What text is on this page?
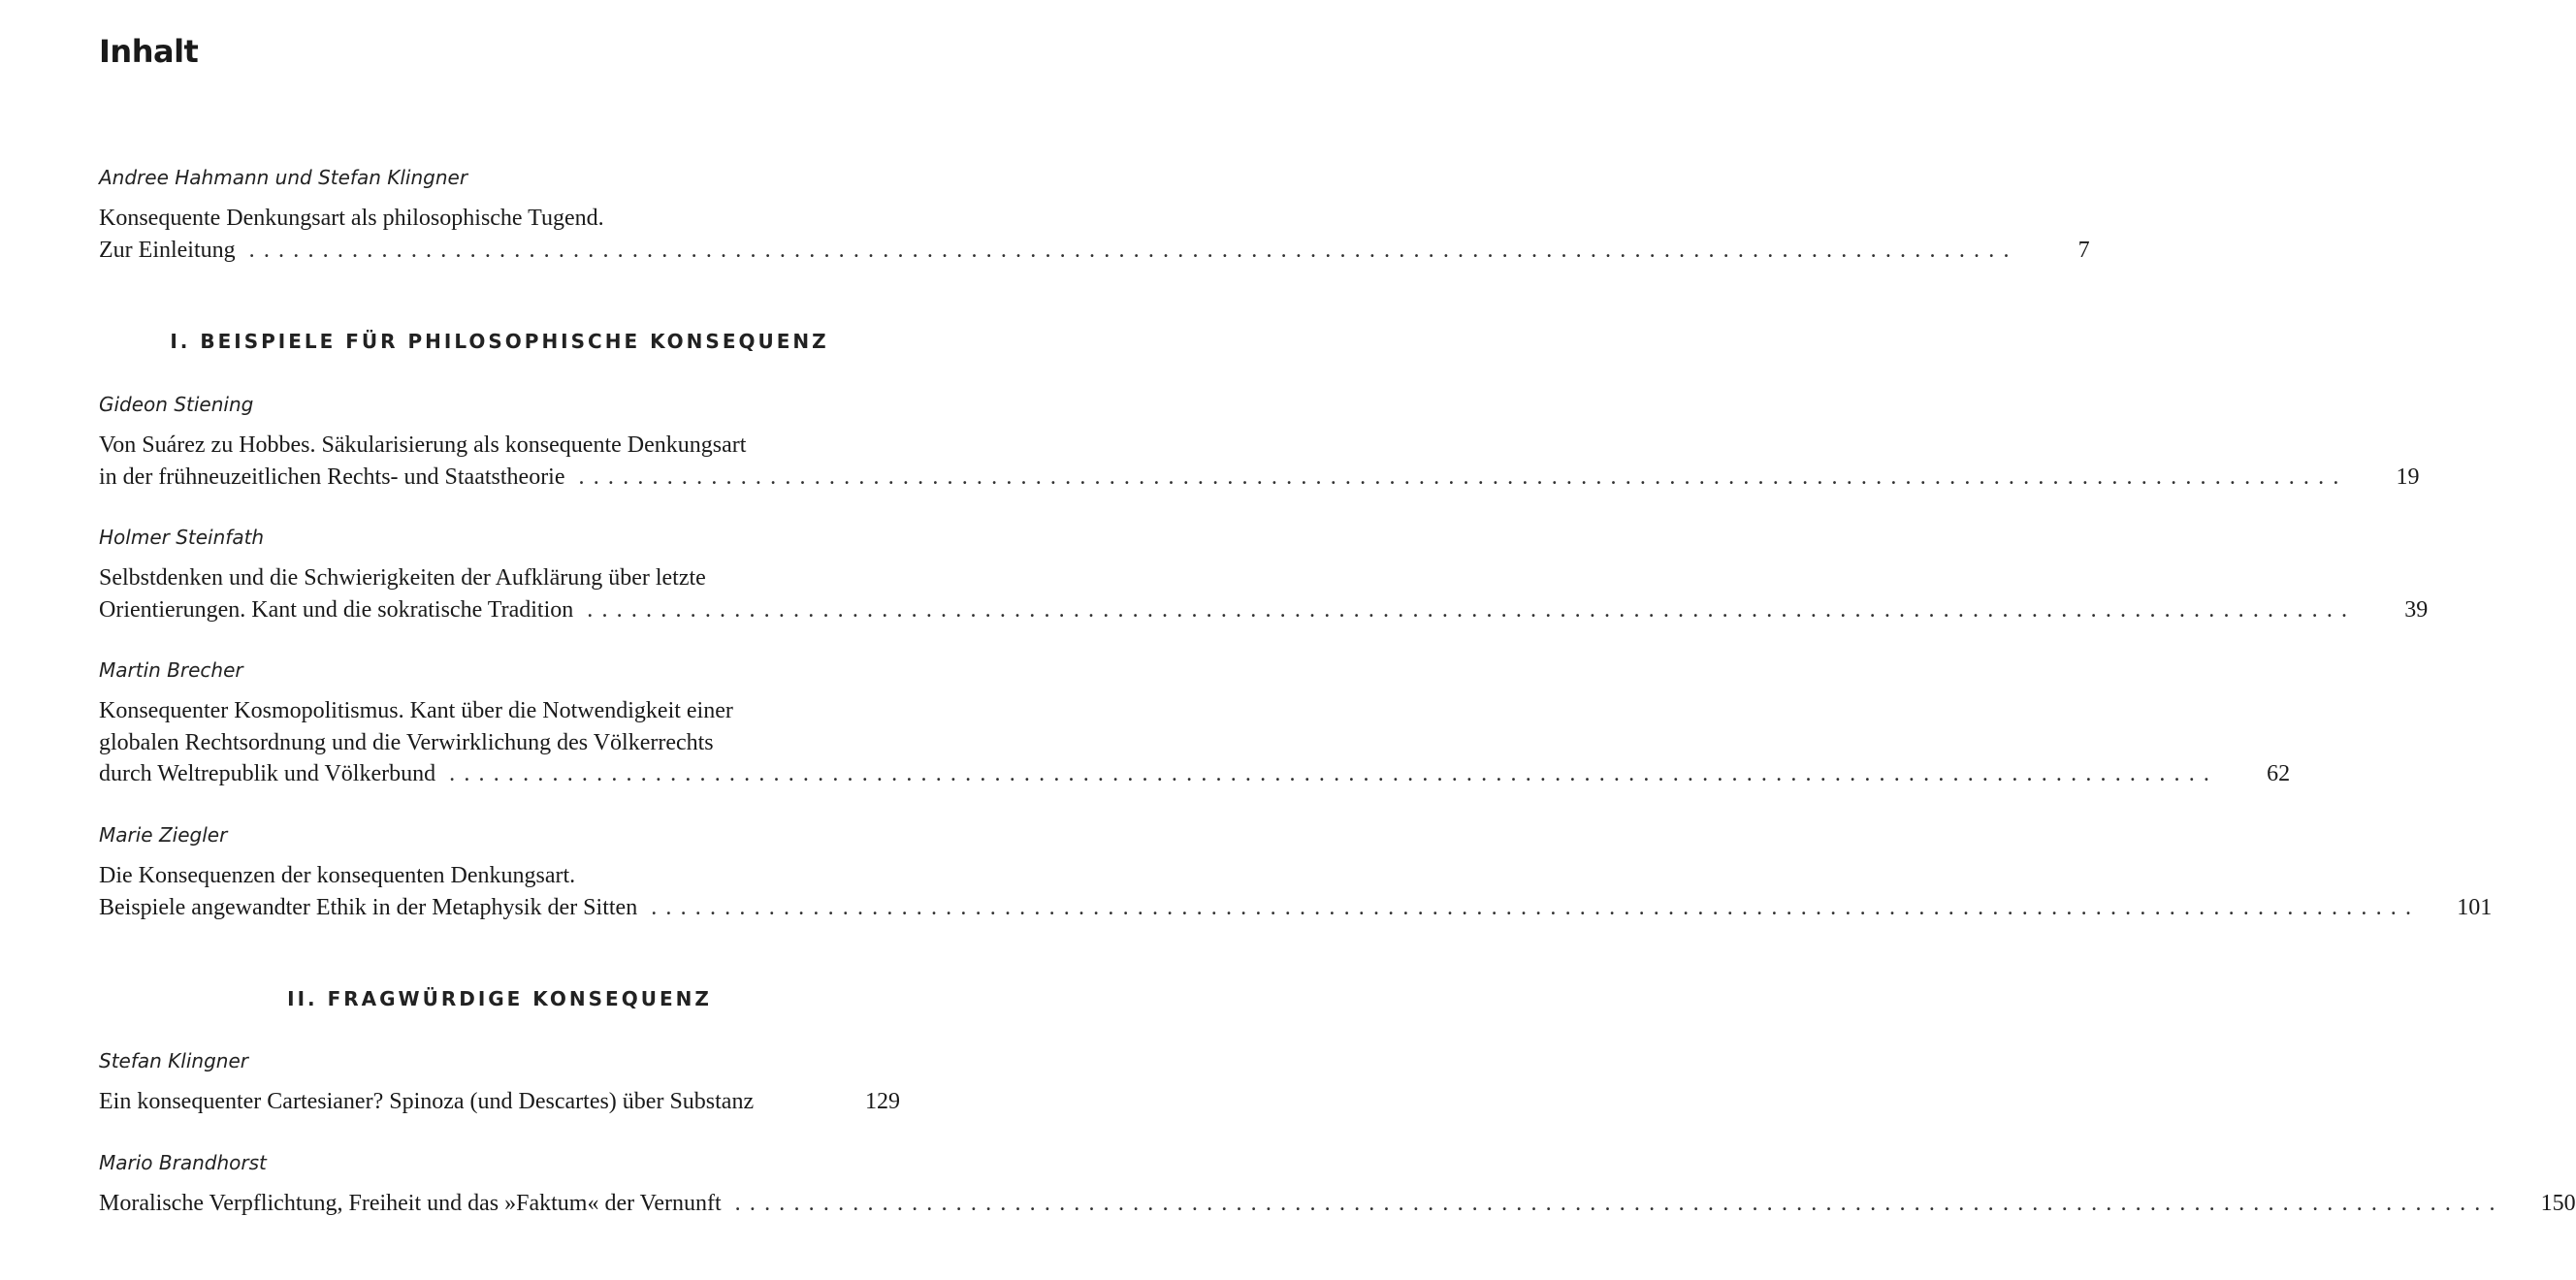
Inhalt
Andree Hahmann und Stefan Klingner
Konsequente Denkungsart als philosophische Tugend.
Zur Einleitung ........................................................................................................................	7
I. BEISPIELE FÜR PHILOSOPHISCHE KONSEQUENZ
Gideon Stiening
Von Suárez zu Hobbes. Säkularisierung als konsequente Denkungsart
in der frühneuzeitlichen Rechts- und Staatstheorie ........................................................................................................................	19
Holmer Steinfath
Selbstdenken und die Schwierigkeiten der Aufklärung über letzte
Orientierungen. Kant und die sokratische Tradition ........................................................................................................................	39
Martin Brecher
Konsequenter Kosmopolitismus. Kant über die Notwendigkeit einer
globalen Rechtsordnung und die Verwirklichung des Völkerrechts
durch Weltrepublik und Völkerbund ........................................................................................................................	62
Marie Ziegler
Die Konsequenzen der konsequenten Denkungsart.
Beispiele angewandter Ethik in der Metaphysik der Sitten ........................................................................................................................ 101
II. FRAGWÜRDIGE KONSEQUENZ
Stefan Klingner
Ein konsequenter Cartesianer? Spinoza (und Descartes) über Substanz	129
Mario Brandhorst
Moralische Verpflichtung, Freiheit und das »Faktum« der Vernunft ........................................................................................................................ 150
